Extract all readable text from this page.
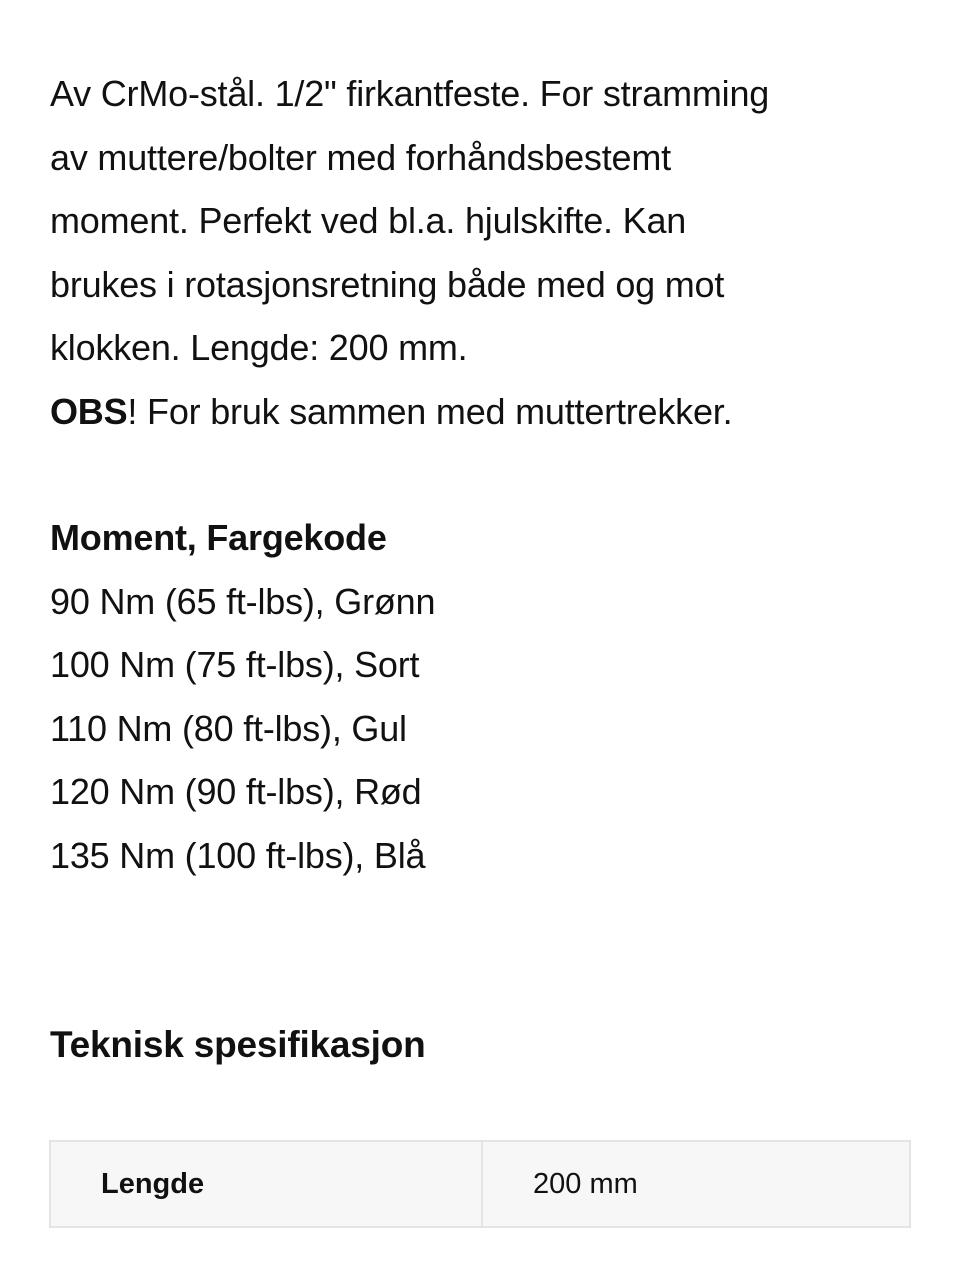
Av CrMo-stål. 1/2" firkantfeste. For stramming
av muttere/bolter med forhåndsbestemt
moment. Perfekt ved bl.a. hjulskifte. Kan
brukes i rotasjonsretning både med og mot
klokken. Lengde: 200 mm.
OBS! For bruk sammen med muttertrekker.

Moment, Fargekode
90 Nm (65 ft-lbs), Grønn
100 Nm (75 ft-lbs), Sort
110 Nm (80 ft-lbs), Gul
120 Nm (90 ft-lbs), Rød
135 Nm (100 ft-lbs), Blå
Teknisk spesifikasjon
Lengde	200 mm
